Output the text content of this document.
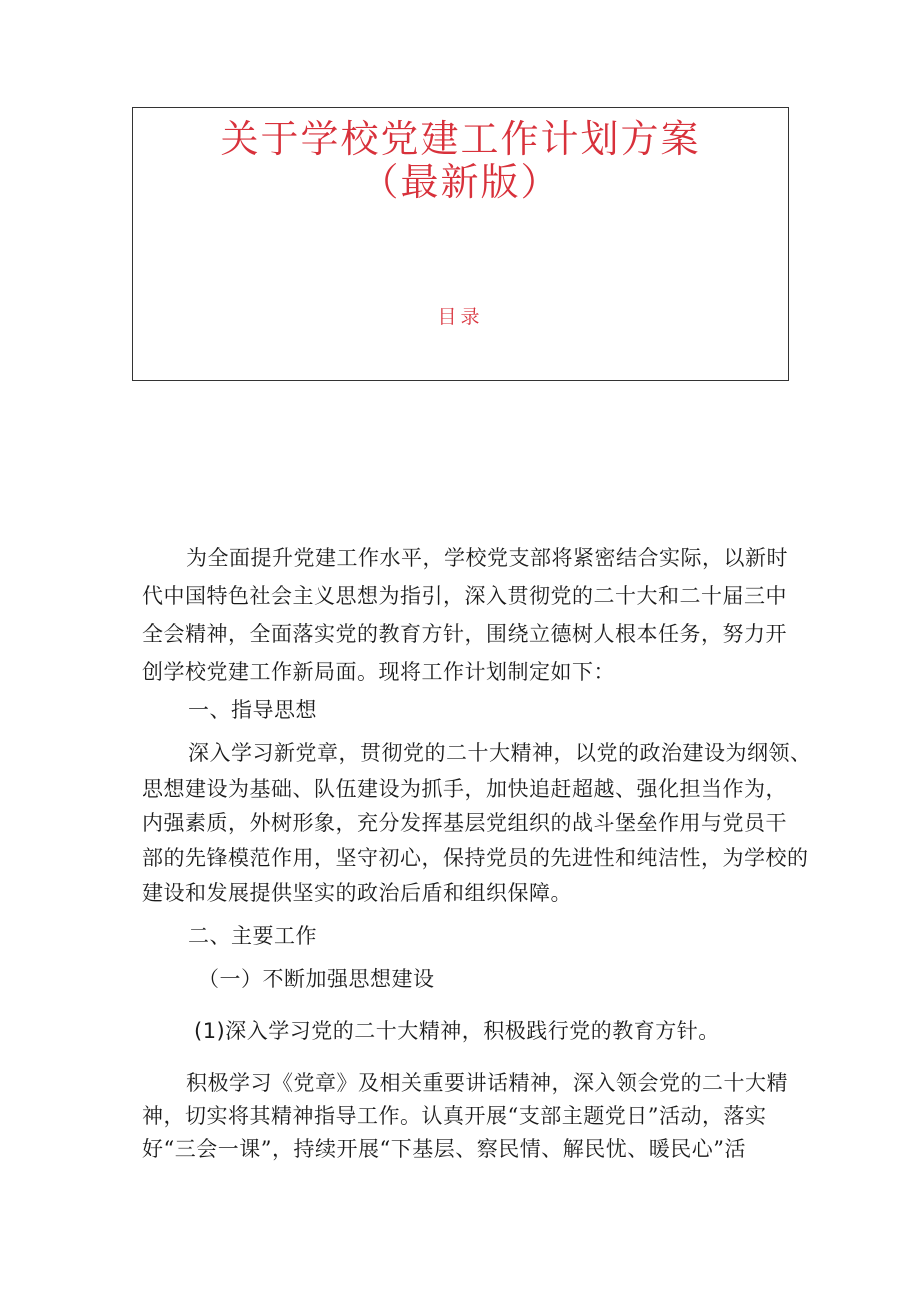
关于学校党建工作计划方案
（最新版）
目录

为全面提升党建工作水平，学校党支部将紧密结合实际，以新时

代中国特色社会主义思想为指引，深入贯彻党的二十大和二十届三中

全会精神，全面落实党的教育方针，围绕立德树人根本任务，努力开

创学校党建工作新局面。现将工作计划制定如下：

一、指导思想

深入学习新党章，贯彻党的二十大精神，以党的政治建设为纲领、

思想建设为基础、队伍建设为抓手，加快追赶超越、强化担当作为，

内强素质，外树形象，充分发挥基层党组织的战斗堡垒作用与党员干

部的先锋模范作用，坚守初心，保持党员的先进性和纯洁性，为学校的

建设和发展提供坚实的政治后盾和组织保障。

二、主要工作

（一）不断加强思想建设

(1)深入学习党的二十大精神，积极践行党的教育方针。

积极学习《党章》及相关重要讲话精神，深入领会党的二十大精

神，切实将其精神指导工作。认真开展“支部主题党日”活动，落实

好“三会一课”，持续开展“下基层、察民情、解民忧、暖民心”活
